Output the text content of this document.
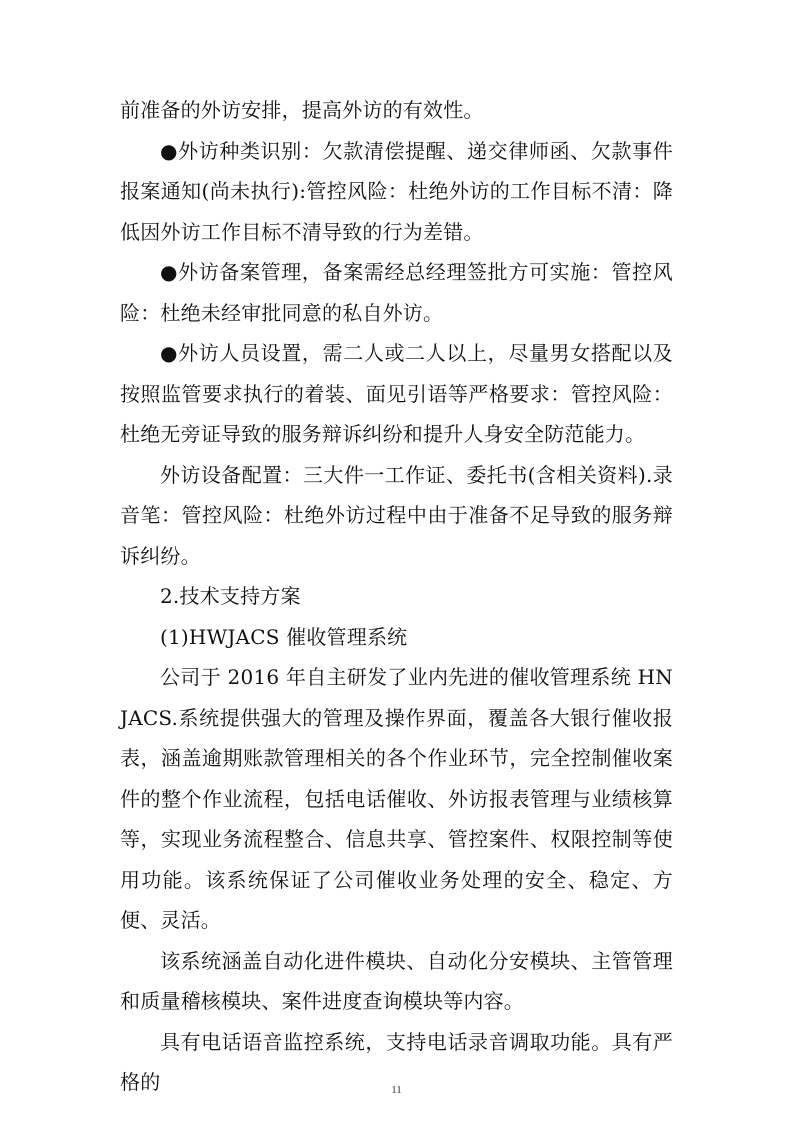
前准备的外访安排，提高外访的有效性。

●外访种类识别：欠款清偿提醒、递交律师函、欠款事件报案通知(尚未执行):管控风险：杜绝外访的工作目标不清：降低因外访工作目标不清导致的行为差错。

●外访备案管理，备案需经总经理签批方可实施：管控风险：杜绝未经审批同意的私自外访。

●外访人员设置，需二人或二人以上，尽量男女搭配以及按照监管要求执行的着装、面见引语等严格要求：管控风险：杜绝无旁证导致的服务辩诉纠纷和提升人身安全防范能力。

外访设备配置：三大件一工作证、委托书(含相关资料).录音笔：管控风险：杜绝外访过程中由于准备不足导致的服务辩诉纠纷。

2.技术支持方案

(1)HWJACS 催收管理系统

公司于 2016 年自主研发了业内先进的催收管理系统 HNJACS.系统提供强大的管理及操作界面，覆盖各大银行催收报表，涵盖逾期账款管理相关的各个作业环节，完全控制催收案件的整个作业流程，包括电话催收、外访报表管理与业绩核算等，实现业务流程整合、信息共享、管控案件、权限控制等使用功能。该系统保证了公司催收业务处理的安全、稳定、方便、灵活。

该系统涵盖自动化进件模块、自动化分安模块、主管管理和质量稽核模块、案件进度查询模块等内容。

具有电话语音监控系统，支持电话录音调取功能。具有严格的	11
